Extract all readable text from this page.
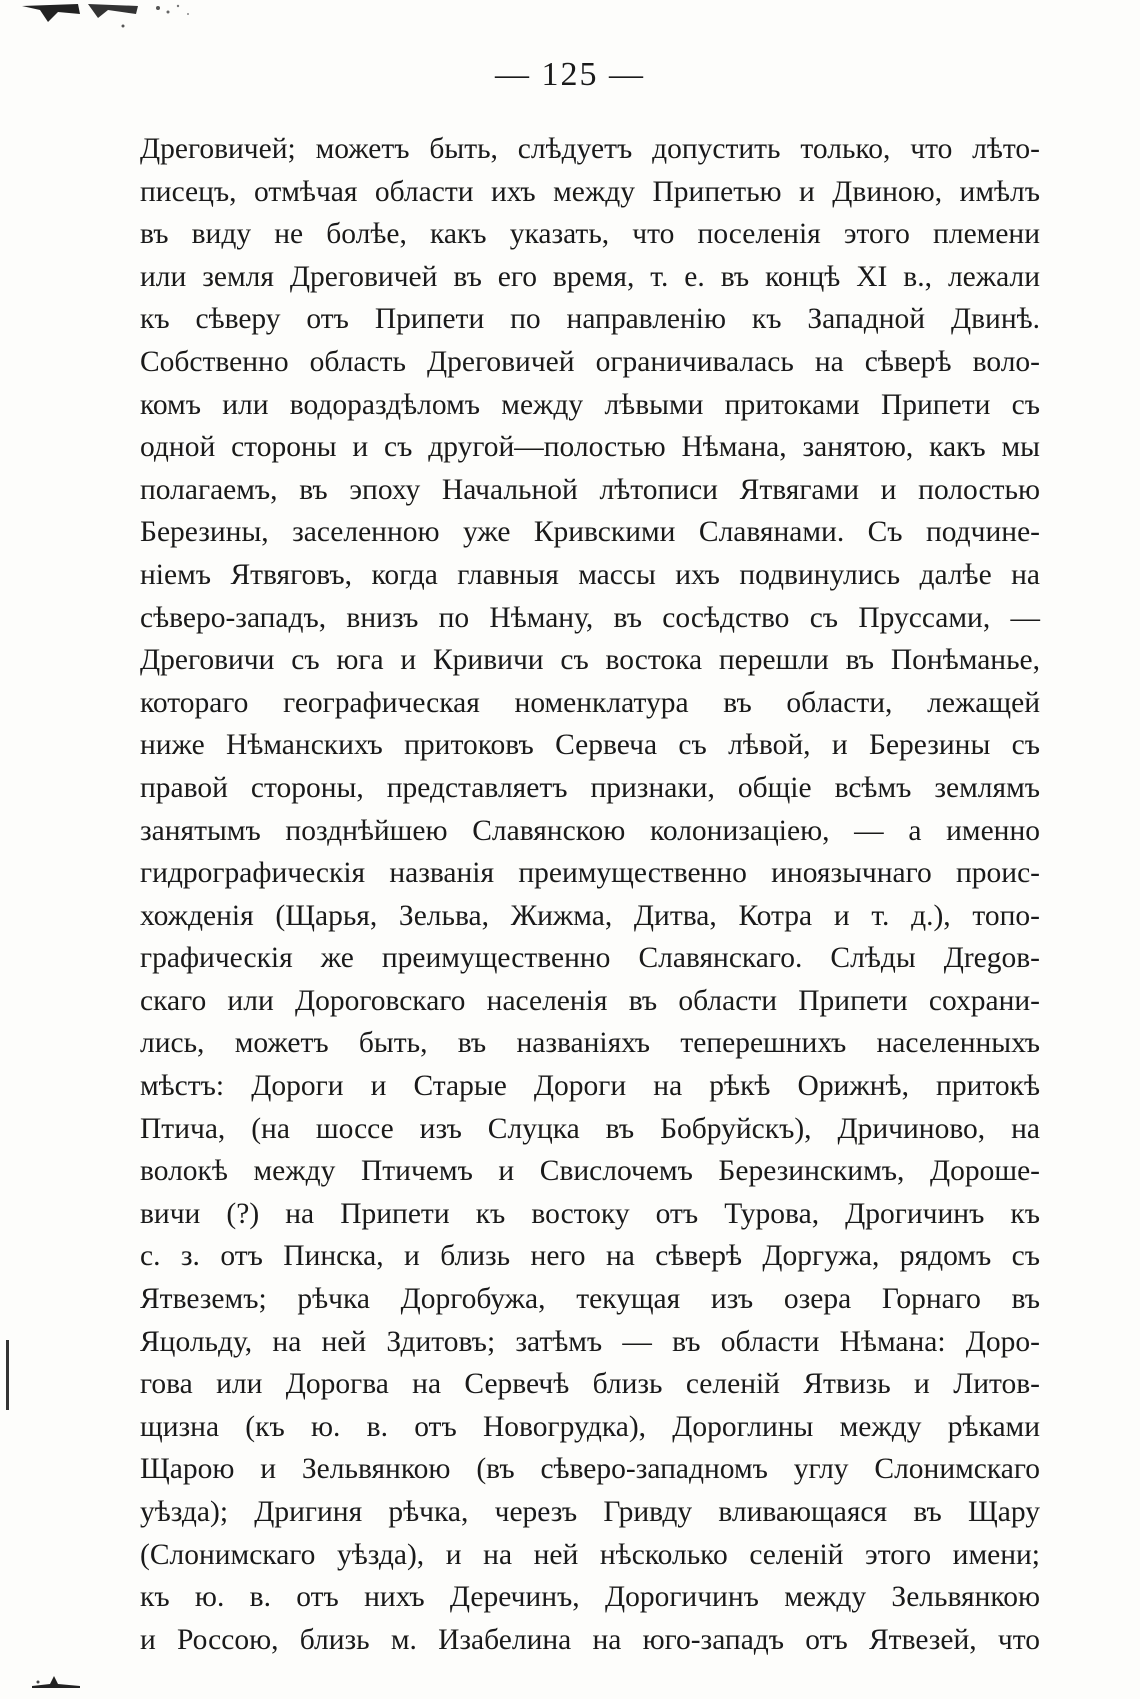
— 125 —
Дреговичей; можетъ быть, слѣдуетъ допустить только, что лѣто-
писецъ, отмѣчая области ихъ между Припетью и Двиною, имѣлъ
въ виду не болѣе, какъ указать, что поселенія этого племени
или земля Дреговичей въ его время, т. е. въ концѣ XI в., лежали
къ сѣверу отъ Припети по направленію къ Западной Двинѣ.
Собственно область Дреговичей ограничивалась на сѣверѣ воло-
комъ или водораздѣломъ между лѣвыми притоками Припети съ
одной стороны и съ другой—полостью Нѣмана, занятою, какъ мы
полагаемъ, въ эпоху Начальной лѣтописи Ятвягами и полостью
Березины, заселенною уже Кривскими Славянами. Съ подчине-
ніемъ Ятвяговъ, когда главныя массы ихъ подвинулись далѣе на
сѣверо-западъ, внизъ по Нѣману, въ сосѣдство съ Пруссами, —
Дреговичи съ юга и Кривичи съ востока перешли въ Понѣманье,
котораго географическая номенклатура въ области, лежащей
ниже Нѣманскихъ притоковъ Сервеча съ лѣвой, и Березины съ
правой стороны, представляетъ признаки, общіе всѣмъ землямъ
занятымъ позднѣйшею Славянскою колонизаціею, — а именно
гидрографическія названія преимущественно иноязычнаго проис-
хожденія (Щарья, Зельва, Жижма, Дитва, Котра и т. д.), топо-
графическія же преимущественно Славянскаго. Слѣды Дregов-
скаго или Дороговскаго населенія въ области Припети сохрани-
лись, можетъ быть, въ названіяхъ теперешнихъ населенныхъ
мѣстъ: Дороги и Старые Дороги на рѣкѣ Орижнѣ, притокѣ
Птича, (на шоссе изъ Слуцка въ Бобруйскъ), Дричиново, на
волокѣ между Птичемъ и Свислочемъ Березинскимъ, Дороше-
вичи (?) на Припети къ востоку отъ Турова, Дрогичинъ къ
с. з. отъ Пинска, и близь него на сѣверѣ Доргужа, рядомъ съ
Ятвеземъ; рѣчка Доргобужа, текущая изъ озера Горнаго въ
Яцольду, на ней Здитовъ; затѣмъ — въ области Нѣмана: Доро-
гова или Дорогва на Сервечѣ близь селеній Ятвизь и Литов-
щизна (къ ю. в. отъ Новогрудка), Дороглины между рѣками
Щарою и Зельвянкою (въ сѣверо-западномъ углу Слонимскаго
уѣзда); Дригиня рѣчка, черезъ Гривду вливающаяся въ Щару
(Слонимскаго уѣзда), и на ней нѣсколько селеній этого имени;
къ ю. в. отъ нихъ Деречинъ, Дорогичинъ между Зельвянкою
и Россою, близь м. Изабелина на юго-западъ отъ Ятвезей, что
